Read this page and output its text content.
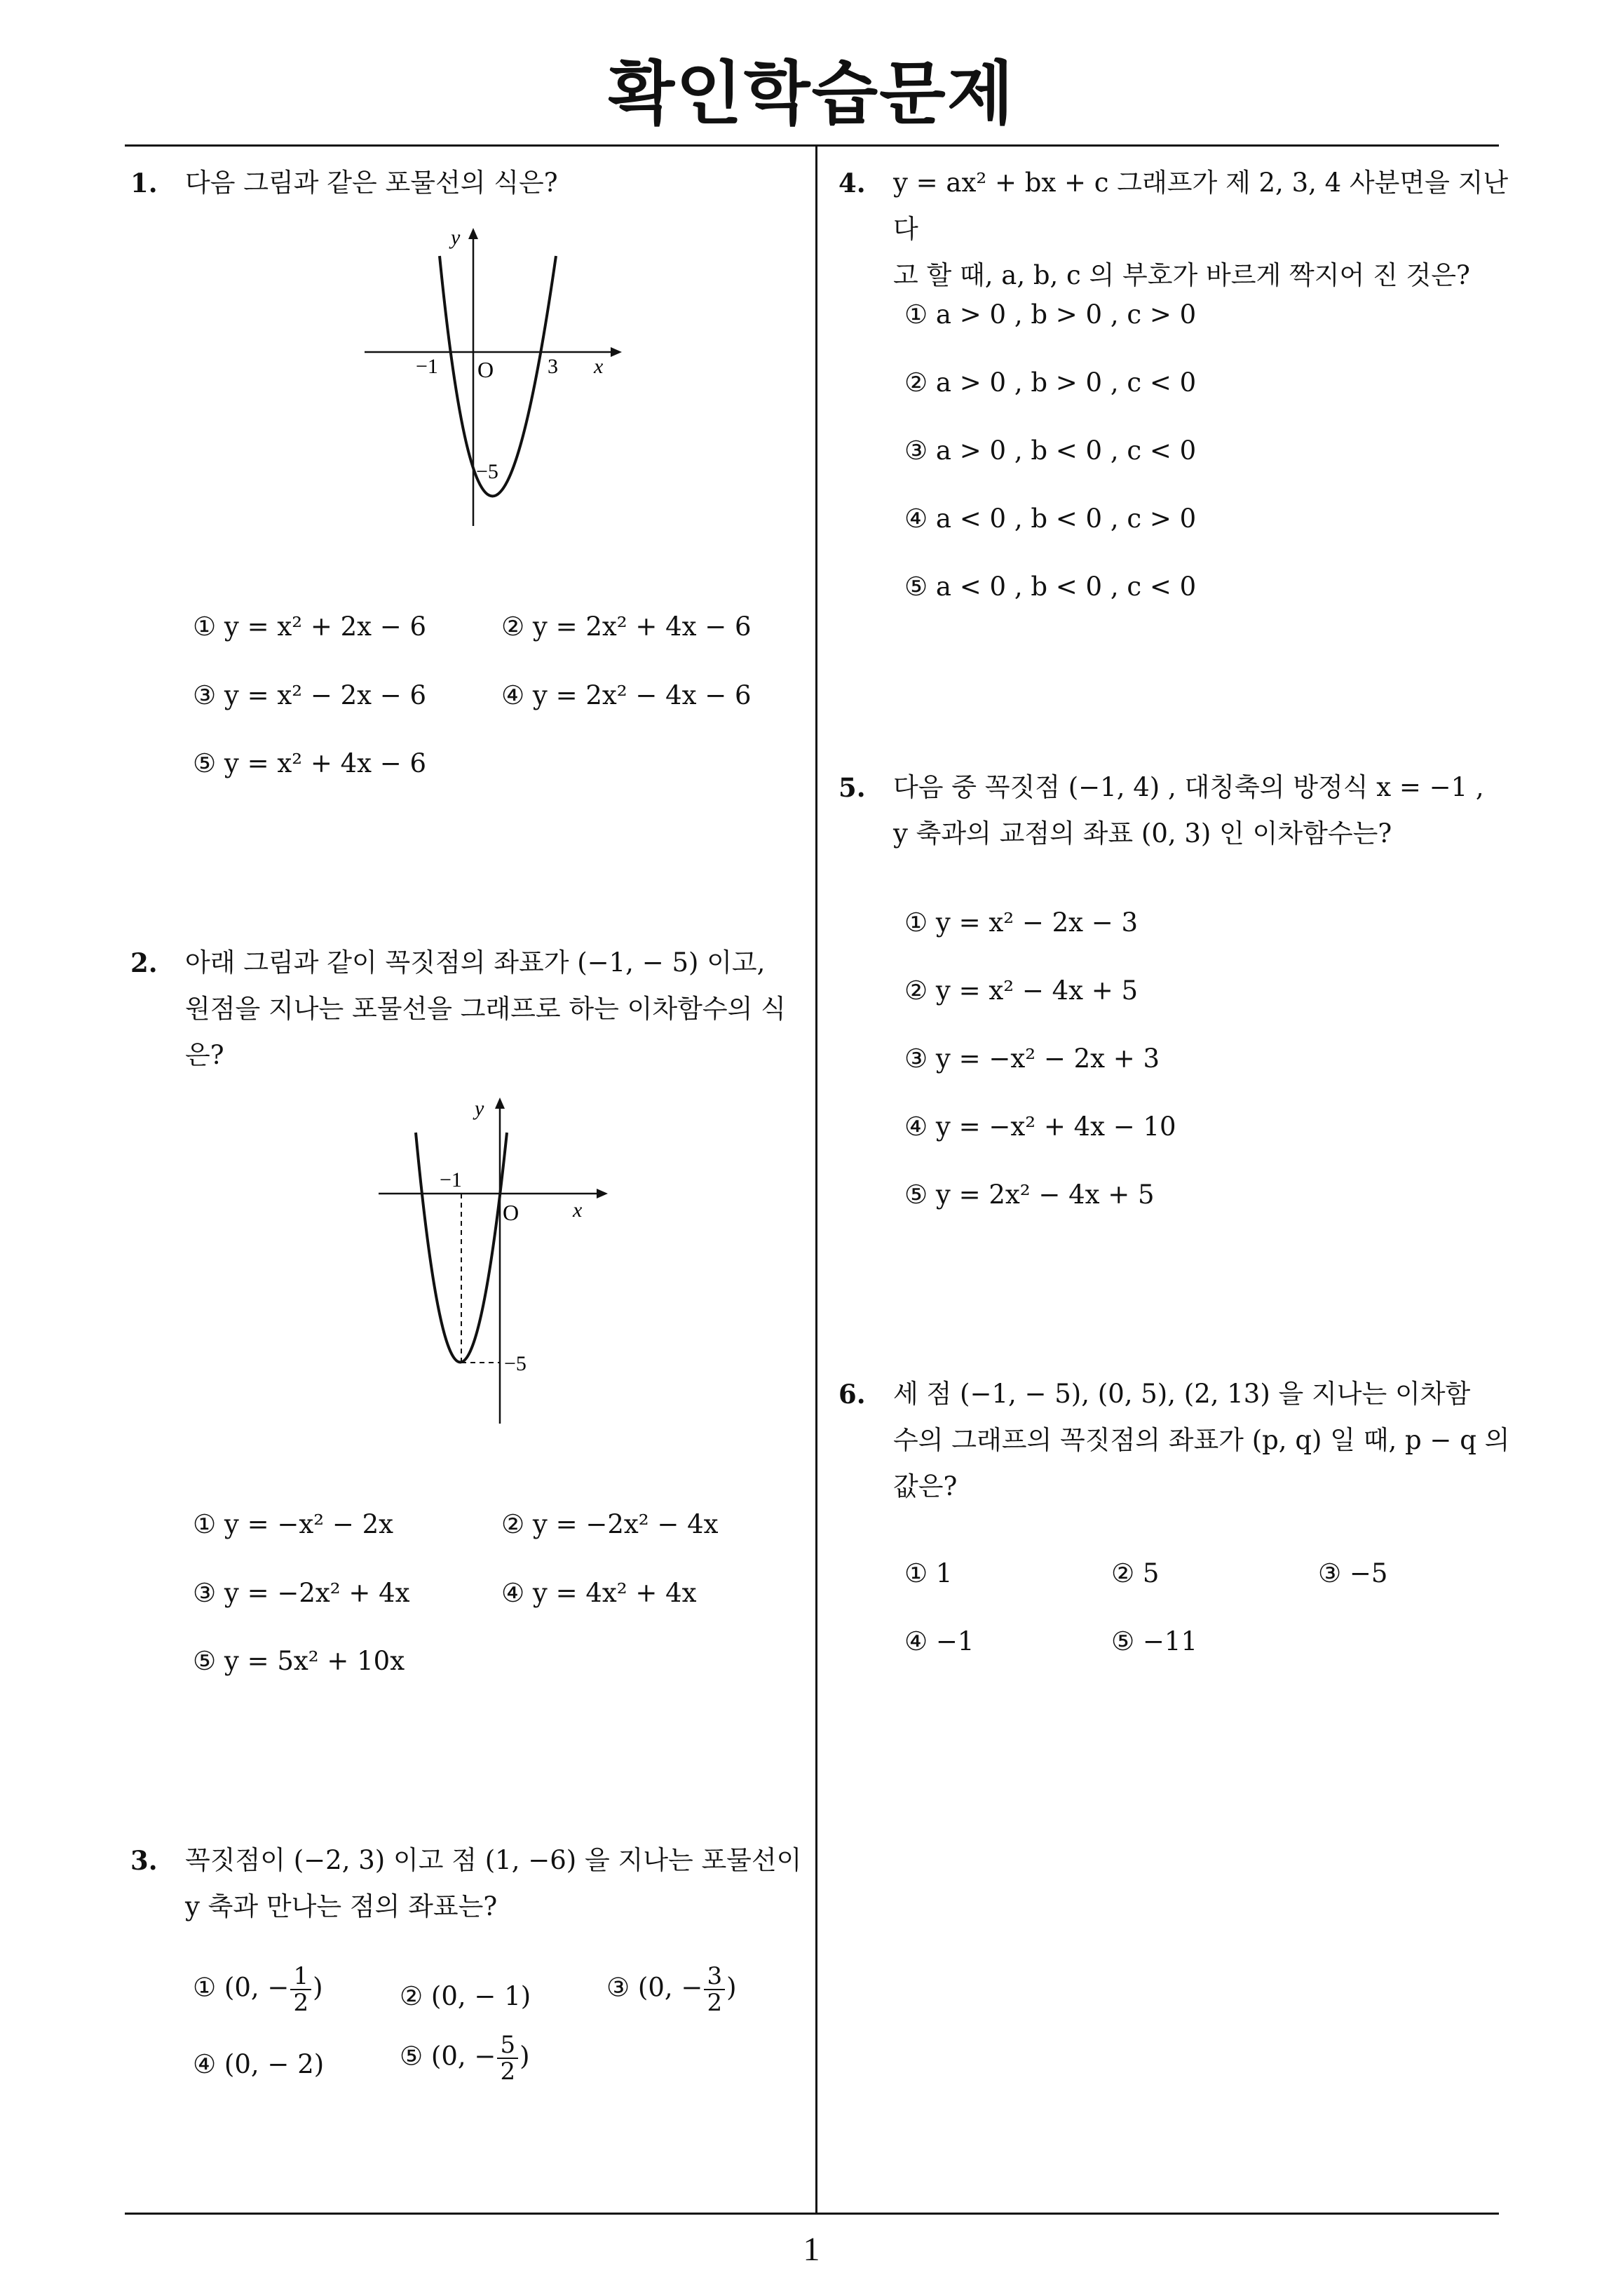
확인학습문제
1. 다음 그림과 같은 포물선의 식은?
y
x
O
−1	3
−5
① y = x² + 2x − 6	② y = 2x² + 4x − 6
③ y = x² − 2x − 6	④ y = 2x² − 4x − 6
⑤ y = x² + 4x − 6
2. 아래 그림과 같이 꼭짓점의 좌표가 (−1, − 5) 이고,
원점을 지나는 포물선을 그래프로 하는 이차함수의 식
은?
y
x
O
−1
−5
① y = −x² − 2x	② y = −2x² − 4x
③ y = −2x² + 4x	④ y = 4x² + 4x
⑤ y = 5x² + 10x
3. 꼭짓점이 (−2, 3) 이고 점 (1, −6) 을 지나는 포물선이
y 축과 만나는 점의 좌표는?
① (0, − $\frac{1}{2}$ )	② (0, − 1)	③ (0, − $\frac{3}{2}$ )
④ (0, − 2)	⑤ (0, − $\frac{5}{2}$ )
4. y = ax² + bx + c 그래프가 제 2, 3, 4 사분면을 지난다
고 할 때, a, b, c 의 부호가 바르게 짝지어 진 것은?
① a > 0 , b > 0 , c > 0
② a > 0 , b > 0 , c < 0
③ a > 0 , b < 0 , c < 0
④ a < 0 , b < 0 , c > 0
⑤ a < 0 , b < 0 , c < 0
5. 다음 중 꼭짓점 (−1, 4) , 대칭축의 방정식 x = −1 ,
y 축과의 교점의 좌표 (0, 3) 인 이차함수는?
① y = x² − 2x − 3
② y = x² − 4x + 5
③ y = −x² − 2x + 3
④ y = −x² + 4x − 10
⑤ y = 2x² − 4x + 5
6. 세 점 (−1, − 5), (0, 5), (2, 13) 을 지나는 이차함
수의 그래프의 꼭짓점의 좌표가 (p, q) 일 때, p − q 의
값은?
① 1	② 5	③ −5
④ −1	⑤ −11
1
